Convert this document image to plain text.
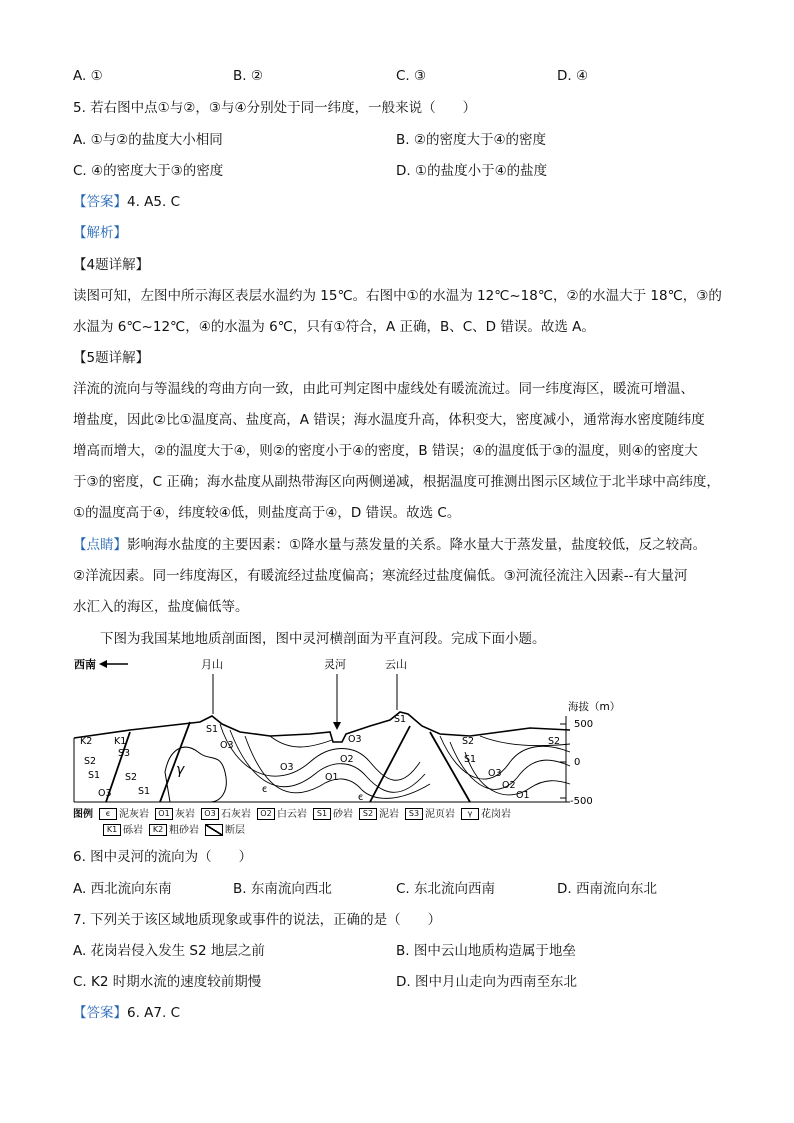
A. ①	B. ②	C. ③	D. ④
5. 若右图中点①与②，③与④分别处于同一纬度，一般来说（　　）
A. ①与②的盐度大小相同	B. ②的密度大于④的密度
C. ④的密度大于③的密度	D. ①的盐度小于④的盐度
【答案】4. A5. C
【解析】
【4题详解】
读图可知，左图中所示海区表层水温约为 15℃。右图中①的水温为 12℃~18℃，②的水温大于 18℃，③的
水温为 6℃~12℃，④的水温为 6℃，只有①符合，A 正确，B、C、D 错误。故选 A。
【5题详解】
洋流的流向与等温线的弯曲方向一致，由此可判定图中虚线处有暖流流过。同一纬度海区，暖流可增温、
增盐度，因此②比①温度高、盐度高，A 错误；海水温度升高，体积变大，密度减小，通常海水密度随纬度
增高而增大，②的温度大于④，则②的密度小于④的密度，B 错误；④的温度低于③的温度，则④的密度大
于③的密度，C 正确；海水盐度从副热带海区向两侧递减，根据温度可推测出图示区域位于北半球中高纬度，
①的温度高于④，纬度较④低，则盐度高于④，D 错误。故选 C。
【点睛】影响海水盐度的主要因素：①降水量与蒸发量的关系。降水量大于蒸发量，盐度较低，反之较高。
②洋流因素。同一纬度海区，有暖流经过盐度偏高；寒流经过盐度偏低。③河流径流注入因素--有大量河
水汇入的海区，盐度偏低等。
下图为我国某地地质剖面图，图中灵河横剖面为平直河段。完成下面小题。
西南	月山	灵河	云山
K2 K1
S3
S2
S1
O3
S2
S1
S1
O3
γ	O3
O3
O2
O1
є
є
S1
S2
S1
O3
O2
O1
S2
海拔（m）
500
0
-500
图例 є 泥灰岩 O1 灰岩 O3 石灰岩 O2 白云岩 S1 砂岩 S2 泥岩 S3 泥页岩 γ 花岗岩
K1 砾岩 K2 粗砂岩	断层
6. 图中灵河的流向为（　　）
A. 西北流向东南	B. 东南流向西北	C. 东北流向西南	D. 西南流向东北
7. 下列关于该区域地质现象或事件的说法，正确的是（　　）
A. 花岗岩侵入发生 S2 地层之前	B. 图中云山地质构造属于地垒
C. K2 时期水流的速度较前期慢	D. 图中月山走向为西南至东北
【答案】6. A7. C
